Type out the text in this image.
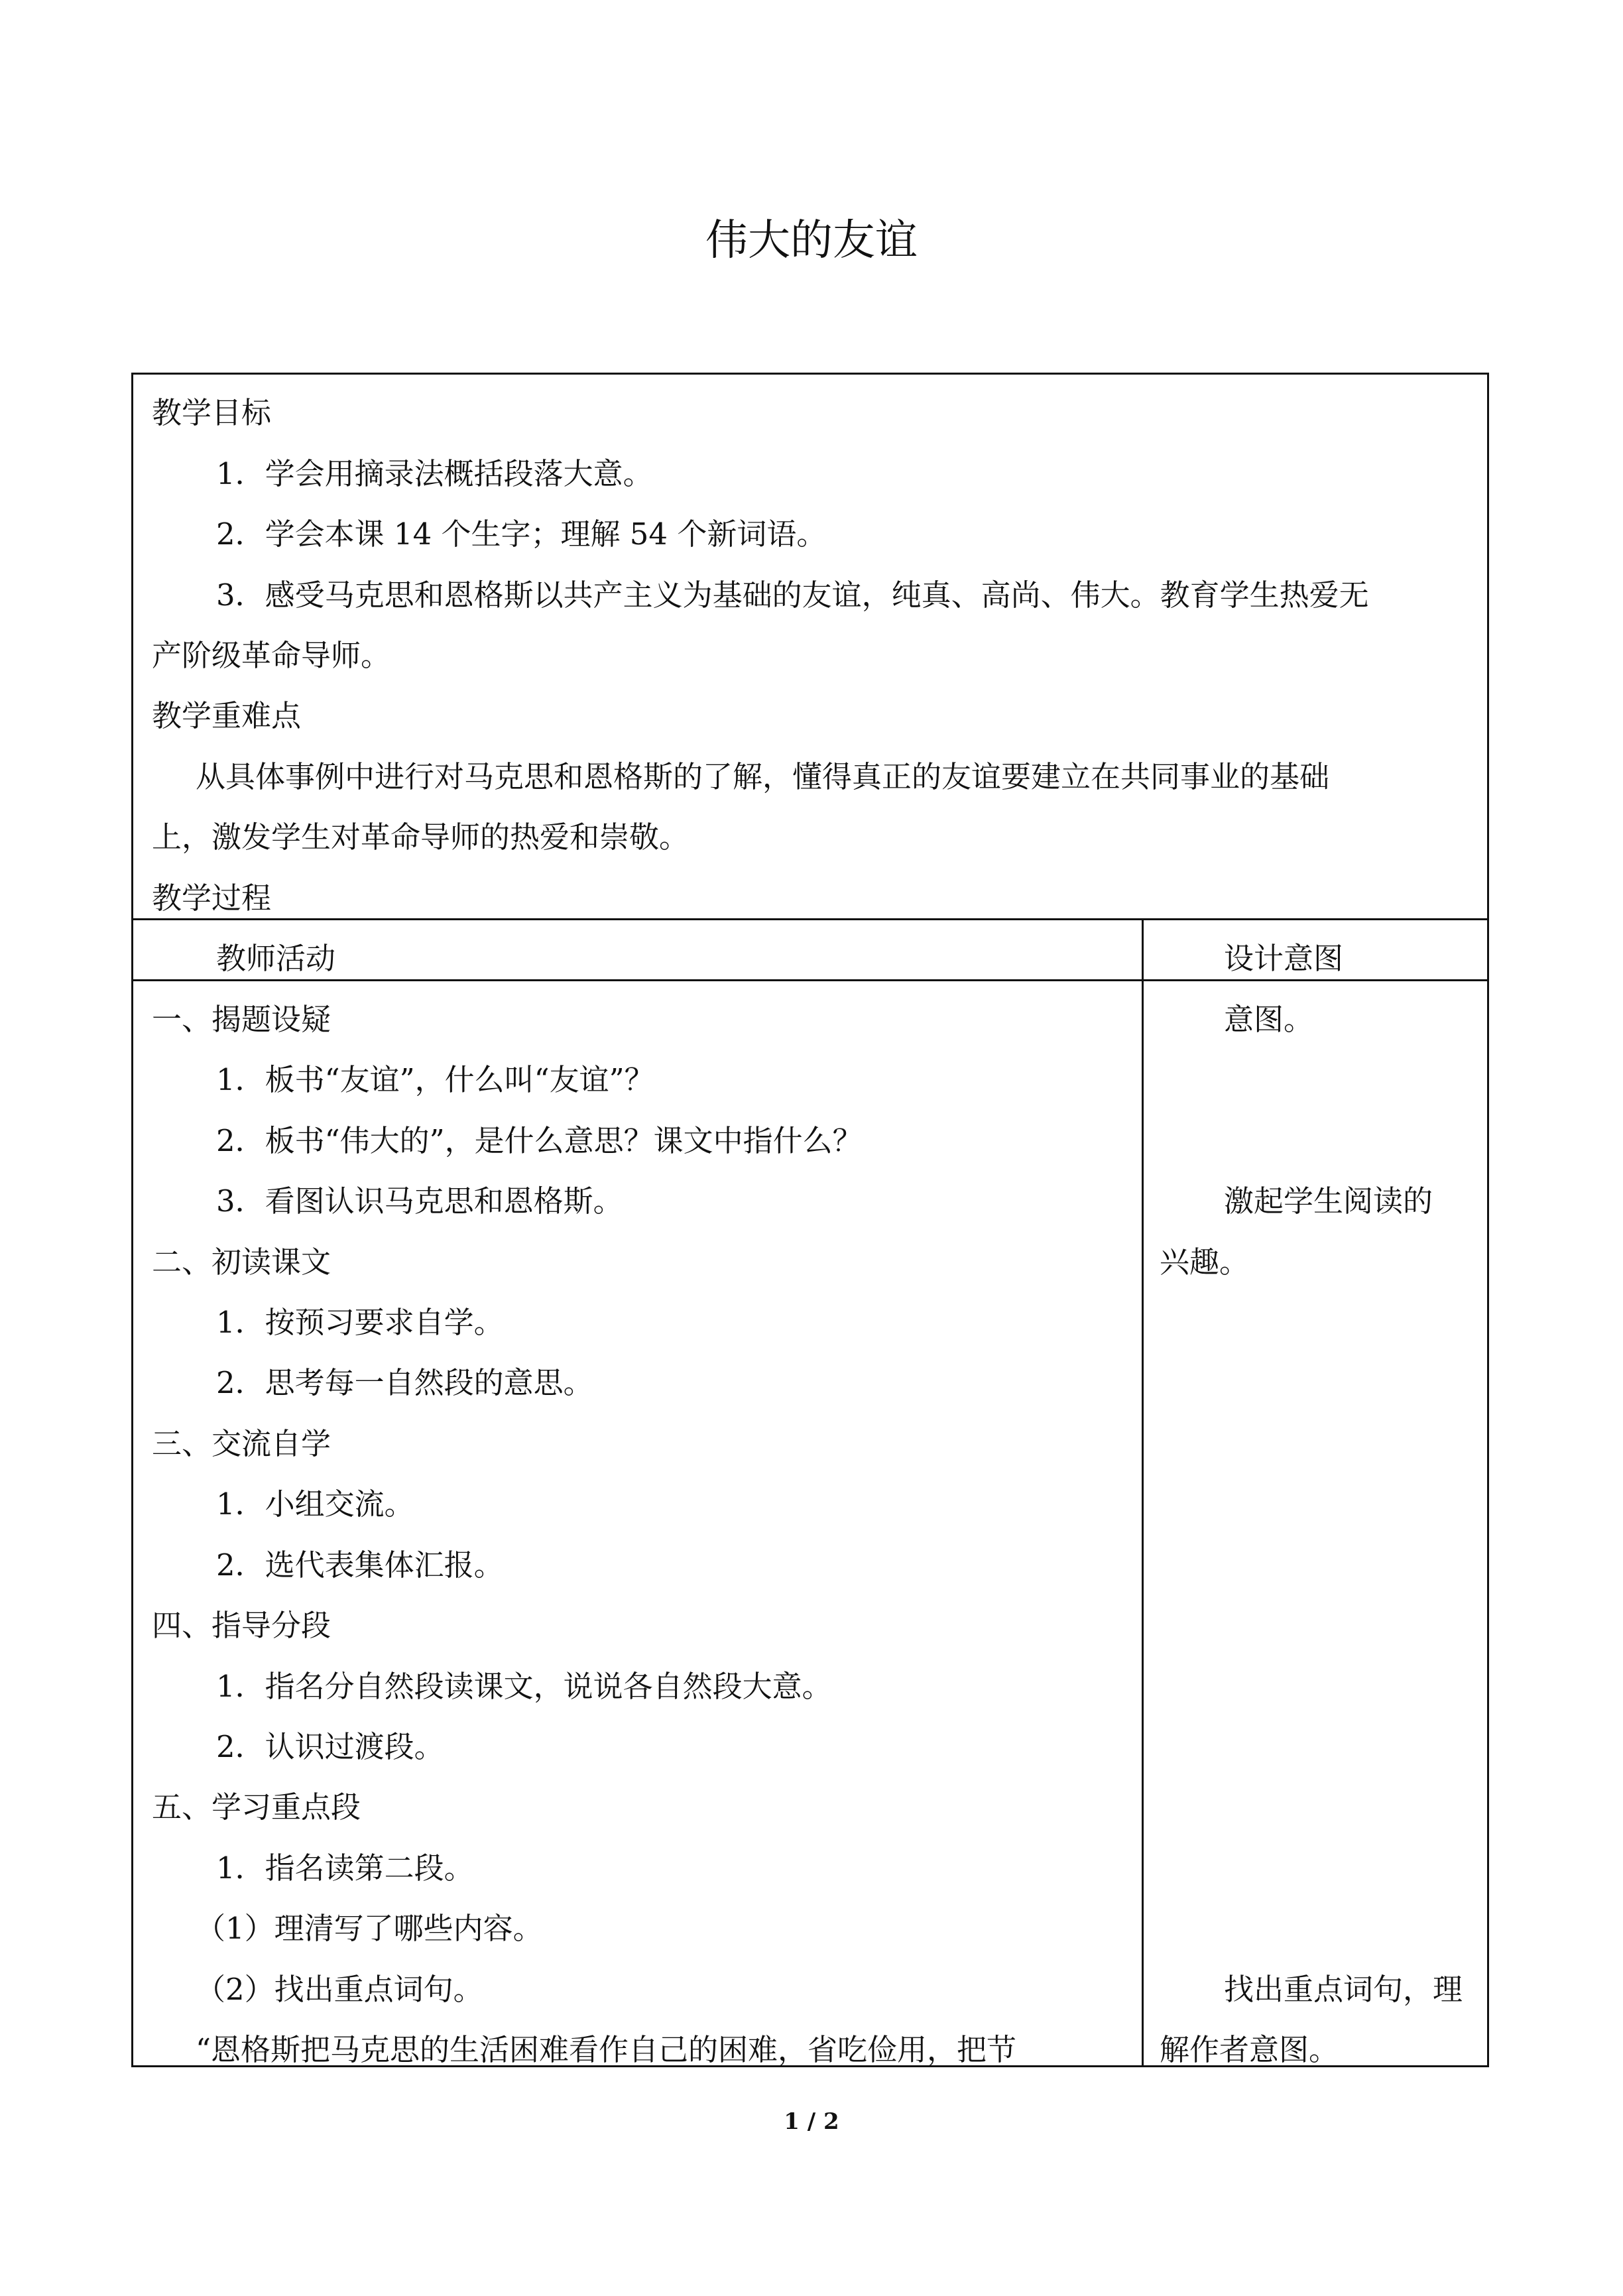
伟大的友谊
教学目标
1．学会用摘录法概括段落大意。
2．学会本课 14 个生字；理解 54 个新词语。
3．感受马克思和恩格斯以共产主义为基础的友谊，纯真、高尚、伟大。教育学生热爱无
产阶级革命导师。
教学重难点
从具体事例中进行对马克思和恩格斯的了解，懂得真正的友谊要建立在共同事业的基础
上，激发学生对革命导师的热爱和崇敬。
教学过程
教师活动	设计意图
一、揭题设疑
1．板书“友谊”，什么叫“友谊”？
2．板书“伟大的”，是什么意思？课文中指什么？
3．看图认识马克思和恩格斯。
二、初读课文
1．按预习要求自学。
2．思考每一自然段的意思。
三、交流自学
1．小组交流。
2．选代表集体汇报。
四、指导分段
1．指名分自然段读课文，说说各自然段大意。
2．认识过渡段。
五、学习重点段
1．指名读第二段。
（1）理清写了哪些内容。
（2）找出重点词句。
“恩格斯把马克思的生活困难看作自己的困难，省吃俭用，把节
意图。
激起学生阅读的
兴趣。
找出重点词句，理
解作者意图。
1 / 2
